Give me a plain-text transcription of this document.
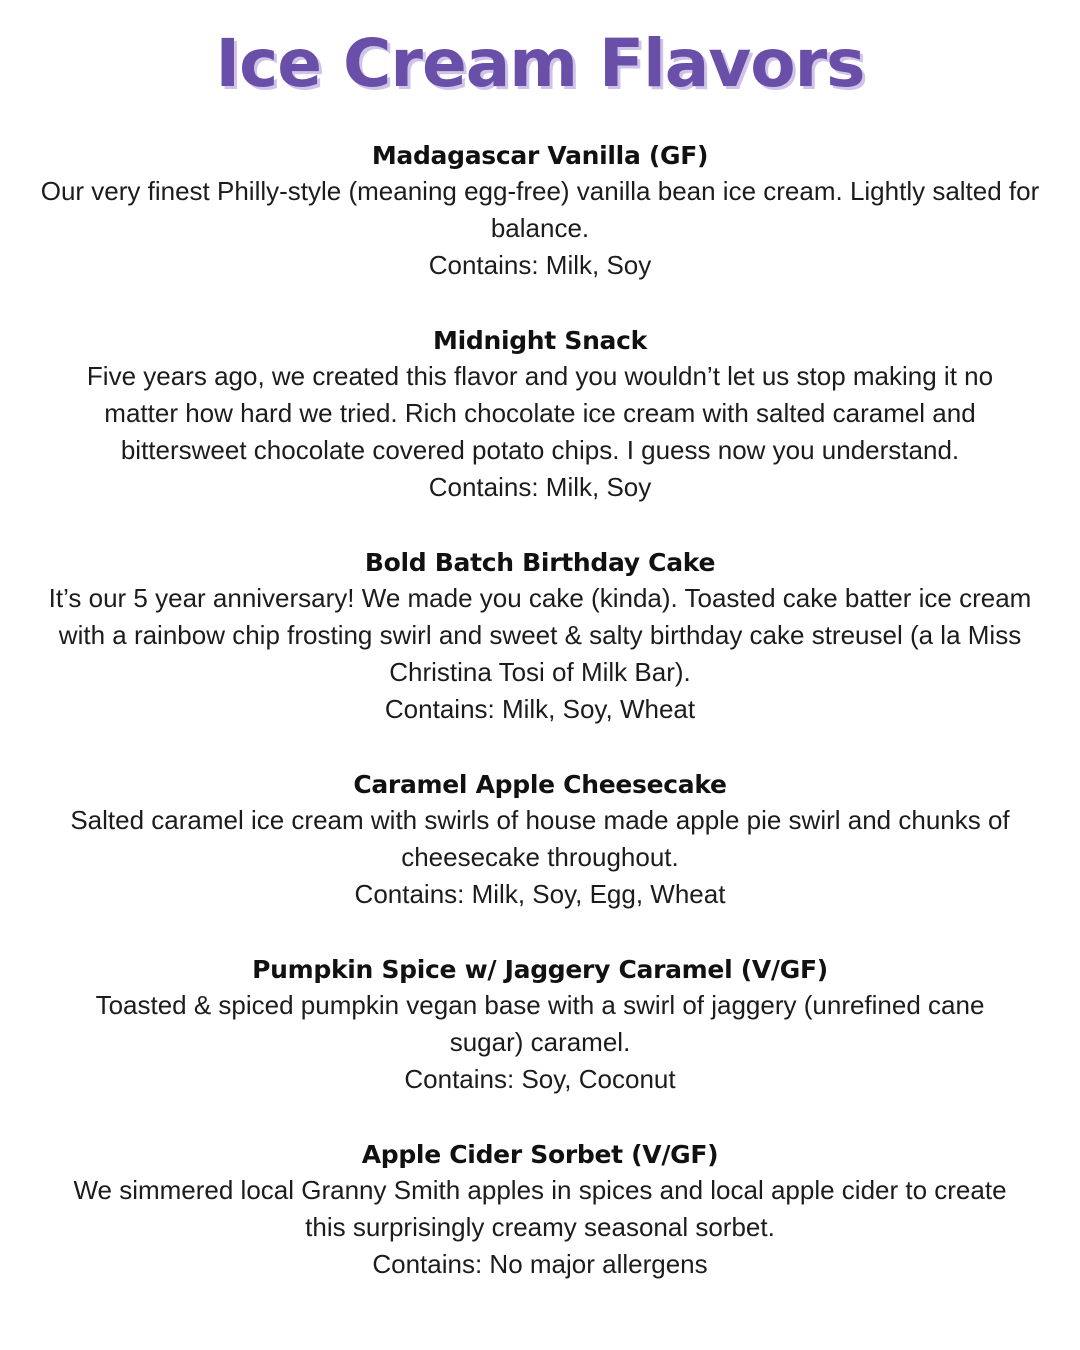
Ice Cream Flavors
Madagascar Vanilla (GF)

Our very finest Philly-style (meaning egg-free) vanilla bean ice cream. Lightly salted for balance.

Contains: Milk, Soy

Midnight Snack

Five years ago, we created this flavor and you wouldn’t let us stop making it no matter how hard we tried. Rich chocolate ice cream with salted caramel and bittersweet chocolate covered potato chips. I guess now you understand.

Contains: Milk, Soy

Bold Batch Birthday Cake

It’s our 5 year anniversary! We made you cake (kinda). Toasted cake batter ice cream with a rainbow chip frosting swirl and sweet & salty birthday cake streusel (a la Miss Christina Tosi of Milk Bar).

Contains: Milk, Soy, Wheat

Caramel Apple Cheesecake

Salted caramel ice cream with swirls of house made apple pie swirl and chunks of cheesecake throughout.

Contains: Milk, Soy, Egg, Wheat

Pumpkin Spice w/ Jaggery Caramel (V/GF)

Toasted & spiced pumpkin vegan base with a swirl of jaggery (unrefined cane sugar) caramel.

Contains: Soy, Coconut

Apple Cider Sorbet (V/GF)

We simmered local Granny Smith apples in spices and local apple cider to create this surprisingly creamy seasonal sorbet.

Contains: No major allergens
